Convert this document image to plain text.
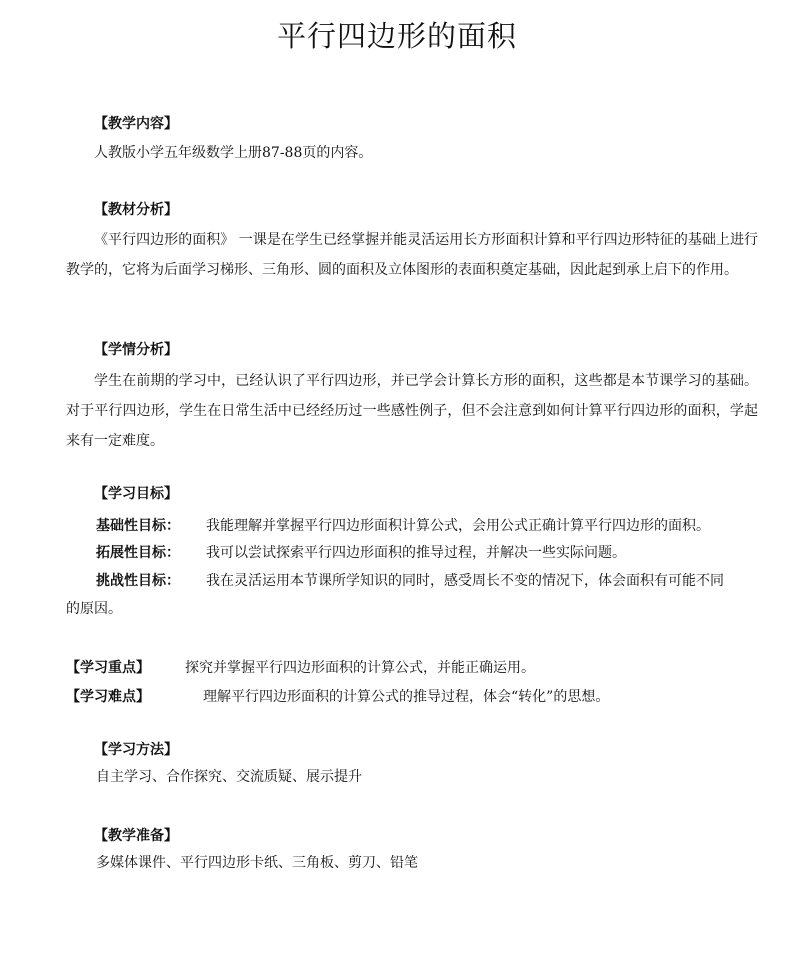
平行四边形的面积
【教学内容】
人教版小学五年级数学上册87-88页的内容。
【教材分析】
《平行四边形的面积》 一课是在学生已经掌握并能灵活运用长方形面积计算和平行四边形特征的基础上进行教学的，它将为后面学习梯形、三角形、圆的面积及立体图形的表面积奠定基础，因此起到承上启下的作用。
【学情分析】
学生在前期的学习中，已经认识了平行四边形，并已学会计算长方形的面积，这些都是本节课学习的基础。对于平行四边形，学生在日常生活中已经经历过一些感性例子，但不会注意到如何计算平行四边形的面积，学起来有一定难度。
【学习目标】
基础性目标： 我能理解并掌握平行四边形面积计算公式，会用公式正确计算平行四边形的面积。
拓展性目标： 我可以尝试探索平行四边形面积的推导过程，并解决一些实际问题。
挑战性目标： 我在灵活运用本节课所学知识的同时，感受周长不变的情况下，体会面积有可能不同
的原因。
【学习重点】	探究并掌握平行四边形面积的计算公式，并能正确运用。
【学习难点】	理解平行四边形面积的计算公式的推导过程，体会“转化”的思想。
【学习方法】
自主学习、合作探究、交流质疑、展示提升
【教学准备】
多媒体课件、平行四边形卡纸、三角板、剪刀、铅笔
